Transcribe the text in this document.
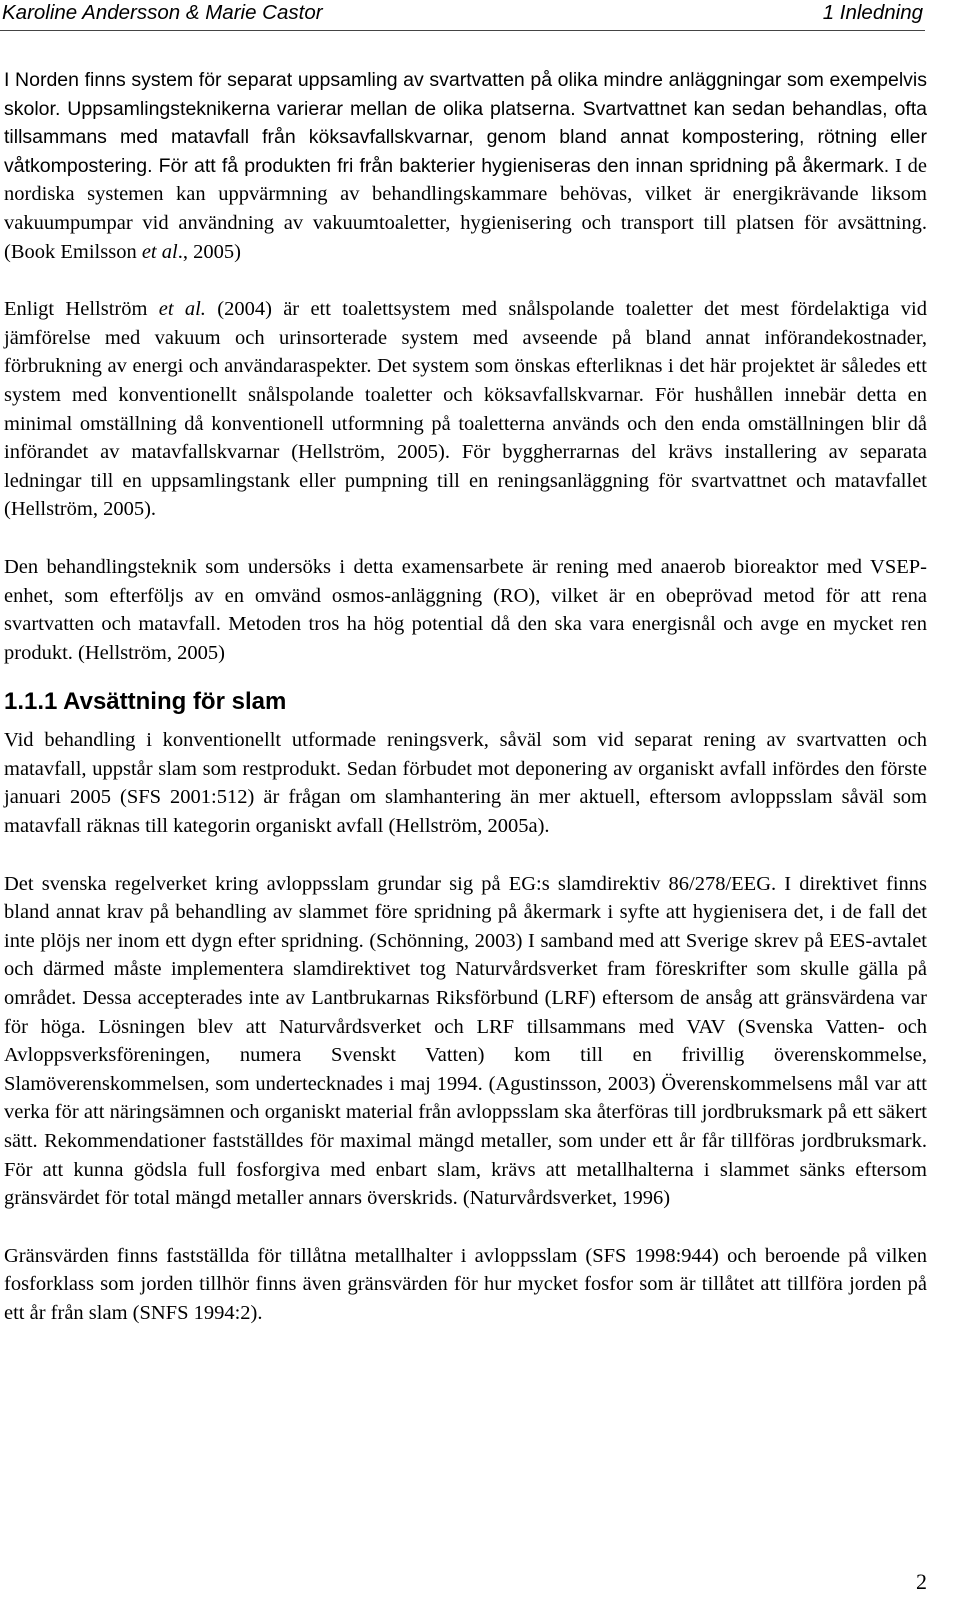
Karoline Andersson & Marie Castor	1 Inledning

I Norden finns system för separat uppsamling av svartvatten på olika mindre anläggningar som exempelvis skolor. Uppsamlingsteknikerna varierar mellan de olika platserna. Svartvattnet kan sedan behandlas, ofta tillsammans med matavfall från köksavfallskvarnar, genom bland annat kompostering, rötning eller våtkompostering. För att få produkten fri från bakterier hygieniseras den innan spridning på åkermark. I de nordiska systemen kan uppvärmning av behandlingskammare behövas, vilket är energikrävande liksom vakuumpumpar vid användning av vakuumtoaletter, hygienisering och transport till platsen för avsättning. (Book Emilsson et al., 2005)

Enligt Hellström et al. (2004) är ett toalettsystem med snålspolande toaletter det mest fördelaktiga vid jämförelse med vakuum och urinsorterade system med avseende på bland annat införandekostnader, förbrukning av energi och användaraspekter. Det system som önskas efterliknas i det här projektet är således ett system med konventionellt snålspolande toaletter och köksavfallskvarnar. För hushållen innebär detta en minimal omställning då konventionell utformning på toaletterna används och den enda omställningen blir då införandet av matavfallskvarnar (Hellström, 2005). För byggherrarnas del krävs installering av separata ledningar till en uppsamlingstank eller pumpning till en reningsanläggning för svartvattnet och matavfallet (Hellström, 2005).

Den behandlingsteknik som undersöks i detta examensarbete är rening med anaerob bioreaktor med VSEP-enhet, som efterföljs av en omvänd osmos-anläggning (RO), vilket är en obeprövad metod för att rena svartvatten och matavfall. Metoden tros ha hög potential då den ska vara energisnål och avge en mycket ren produkt. (Hellström, 2005)

1.1.1 Avsättning för slam

Vid behandling i konventionellt utformade reningsverk, såväl som vid separat rening av svartvatten och matavfall, uppstår slam som restprodukt. Sedan förbudet mot deponering av organiskt avfall infördes den förste januari 2005 (SFS 2001:512) är frågan om slamhantering än mer aktuell, eftersom avloppsslam såväl som matavfall räknas till kategorin organiskt avfall (Hellström, 2005a).

Det svenska regelverket kring avloppsslam grundar sig på EG:s slamdirektiv 86/278/EEG. I direktivet finns bland annat krav på behandling av slammet före spridning på åkermark i syfte att hygienisera det, i de fall det inte plöjs ner inom ett dygn efter spridning. (Schönning, 2003) I samband med att Sverige skrev på EES-avtalet och därmed måste implementera slamdirektivet tog Naturvårdsverket fram föreskrifter som skulle gälla på området. Dessa accepterades inte av Lantbrukarnas Riksförbund (LRF) eftersom de ansåg att gränsvärdena var för höga. Lösningen blev att Naturvårdsverket och LRF tillsammans med VAV (Svenska Vatten- och Avloppsverksföreningen, numera Svenskt Vatten) kom till en frivillig överenskommelse, Slamöverenskommelsen, som undertecknades i maj 1994. (Agustinsson, 2003) Överenskommelsens mål var att verka för att näringsämnen och organiskt material från avloppsslam ska återföras till jordbruksmark på ett säkert sätt. Rekommendationer fastställdes för maximal mängd metaller, som under ett år får tillföras jordbruksmark. För att kunna gödsla full fosforgiva med enbart slam, krävs att metallhalterna i slammet sänks eftersom gränsvärdet för total mängd metaller annars överskrids. (Naturvårdsverket, 1996)

Gränsvärden finns fastställda för tillåtna metallhalter i avloppsslam (SFS 1998:944) och beroende på vilken fosforklass som jorden tillhör finns även gränsvärden för hur mycket fosfor som är tillåtet att tillföra jorden på ett år från slam (SNFS 1994:2).

2
